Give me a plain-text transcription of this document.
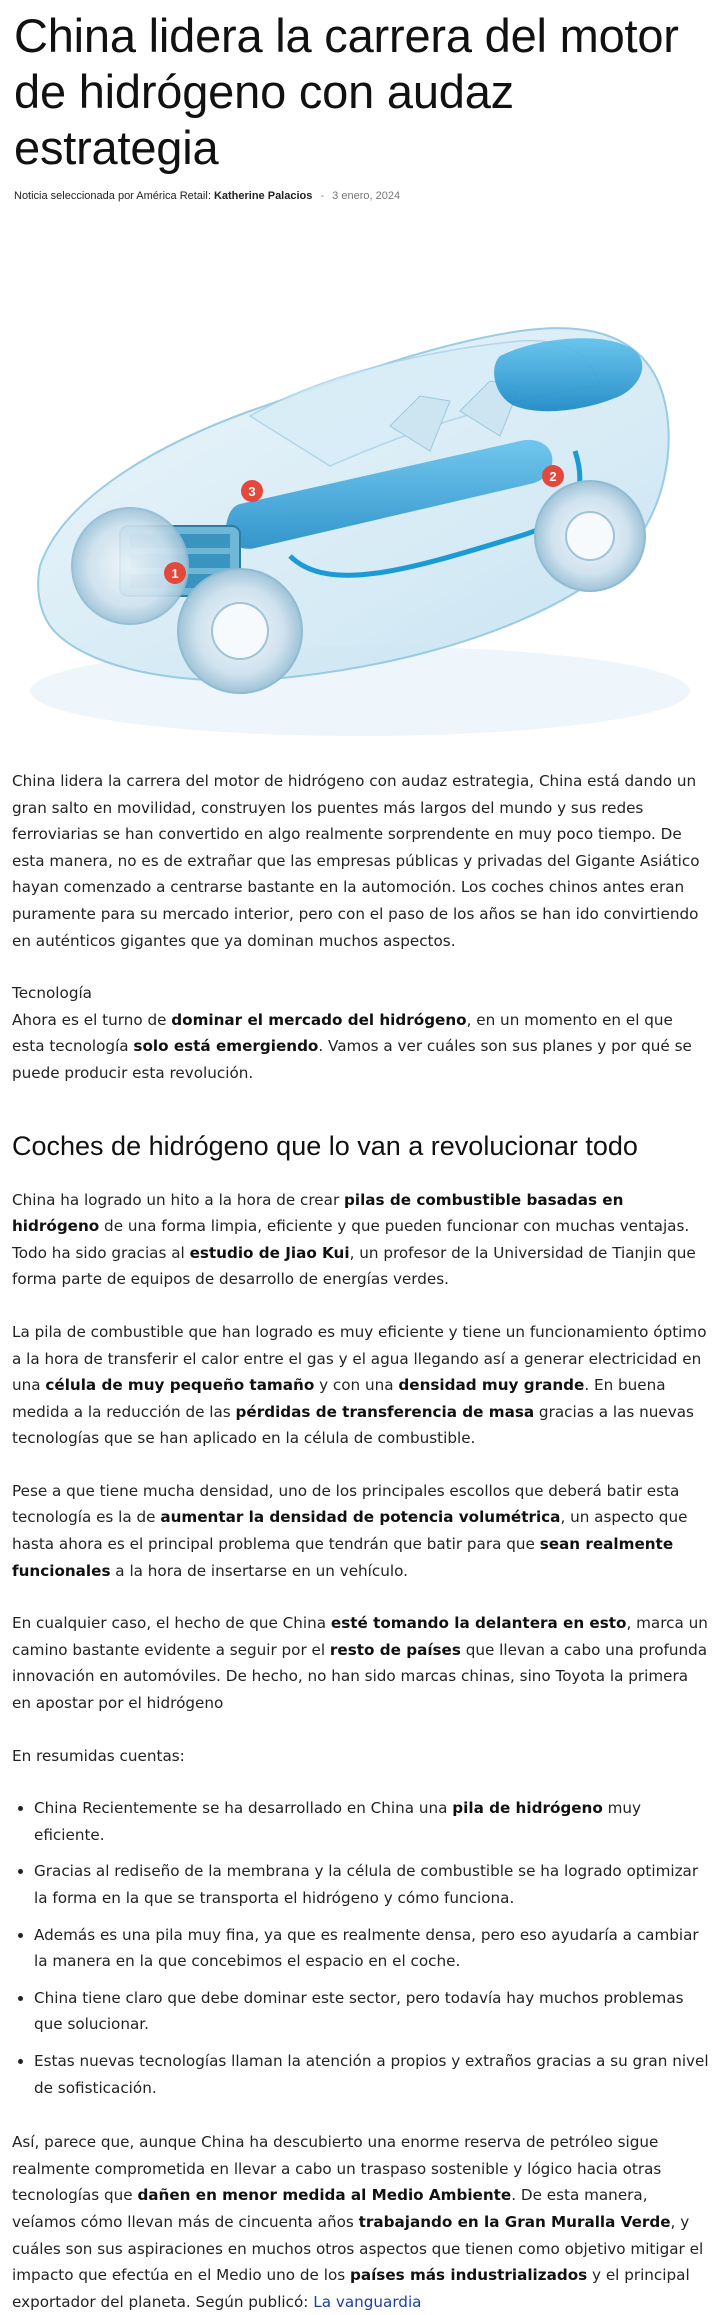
China lidera la carrera del motor de hidrógeno con audaz estrategia
Noticia seleccionada por América Retail: Katherine Palacios - 3 enero, 2024
1
2
3

China lidera la carrera del motor de hidrógeno con audaz estrategia, China está dando un gran salto en movilidad, construyen los puentes más largos del mundo y sus redes ferroviarias se han convertido en algo realmente sorprendente en muy poco tiempo. De esta manera, no es de extrañar que las empresas públicas y privadas del Gigante Asiático hayan comenzado a centrarse bastante en la automoción. Los coches chinos antes eran puramente para su mercado interior, pero con el paso de los años se han ido convirtiendo en auténticos gigantes que ya dominan muchos aspectos.

Tecnología
Ahora es el turno de dominar el mercado del hidrógeno, en un momento en el que esta tecnología solo está emergiendo. Vamos a ver cuáles son sus planes y por qué se puede producir esta revolución.

Coches de hidrógeno que lo van a revolucionar todo

China ha logrado un hito a la hora de crear pilas de combustible basadas en hidrógeno de una forma limpia, eficiente y que pueden funcionar con muchas ventajas. Todo ha sido gracias al estudio de Jiao Kui, un profesor de la Universidad de Tianjin que forma parte de equipos de desarrollo de energías verdes.

La pila de combustible que han logrado es muy eficiente y tiene un funcionamiento óptimo a la hora de transferir el calor entre el gas y el agua llegando así a generar electricidad en una célula de muy pequeño tamaño y con una densidad muy grande. En buena medida a la reducción de las pérdidas de transferencia de masa gracias a las nuevas tecnologías que se han aplicado en la célula de combustible.

Pese a que tiene mucha densidad, uno de los principales escollos que deberá batir esta tecnología es la de aumentar la densidad de potencia volumétrica, un aspecto que hasta ahora es el principal problema que tendrán que batir para que sean realmente funcionales a la hora de insertarse en un vehículo.

En cualquier caso, el hecho de que China esté tomando la delantera en esto, marca un camino bastante evidente a seguir por el resto de países que llevan a cabo una profunda innovación en automóviles. De hecho, no han sido marcas chinas, sino Toyota la primera en apostar por el hidrógeno

En resumidas cuentas:

• China Recientemente se ha desarrollado en China una pila de hidrógeno muy eficiente.
• Gracias al rediseño de la membrana y la célula de combustible se ha logrado optimizar la forma en la que se transporta el hidrógeno y cómo funciona.
• Además es una pila muy fina, ya que es realmente densa, pero eso ayudaría a cambiar la manera en la que concebimos el espacio en el coche.
• China tiene claro que debe dominar este sector, pero todavía hay muchos problemas que solucionar.
• Estas nuevas tecnologías llaman la atención a propios y extraños gracias a su gran nivel de sofisticación.

Así, parece que, aunque China ha descubierto una enorme reserva de petróleo sigue realmente comprometida en llevar a cabo un traspaso sostenible y lógico hacia otras tecnologías que dañen en menor medida al Medio Ambiente. De esta manera, veíamos cómo llevan más de cincuenta años trabajando en la Gran Muralla Verde, y cuáles son sus aspiraciones en muchos otros aspectos que tienen como objetivo mitigar el impacto que efectúa en el Medio uno de los países más industrializados y el principal exportador del planeta. Según publicó: La vanguardia
